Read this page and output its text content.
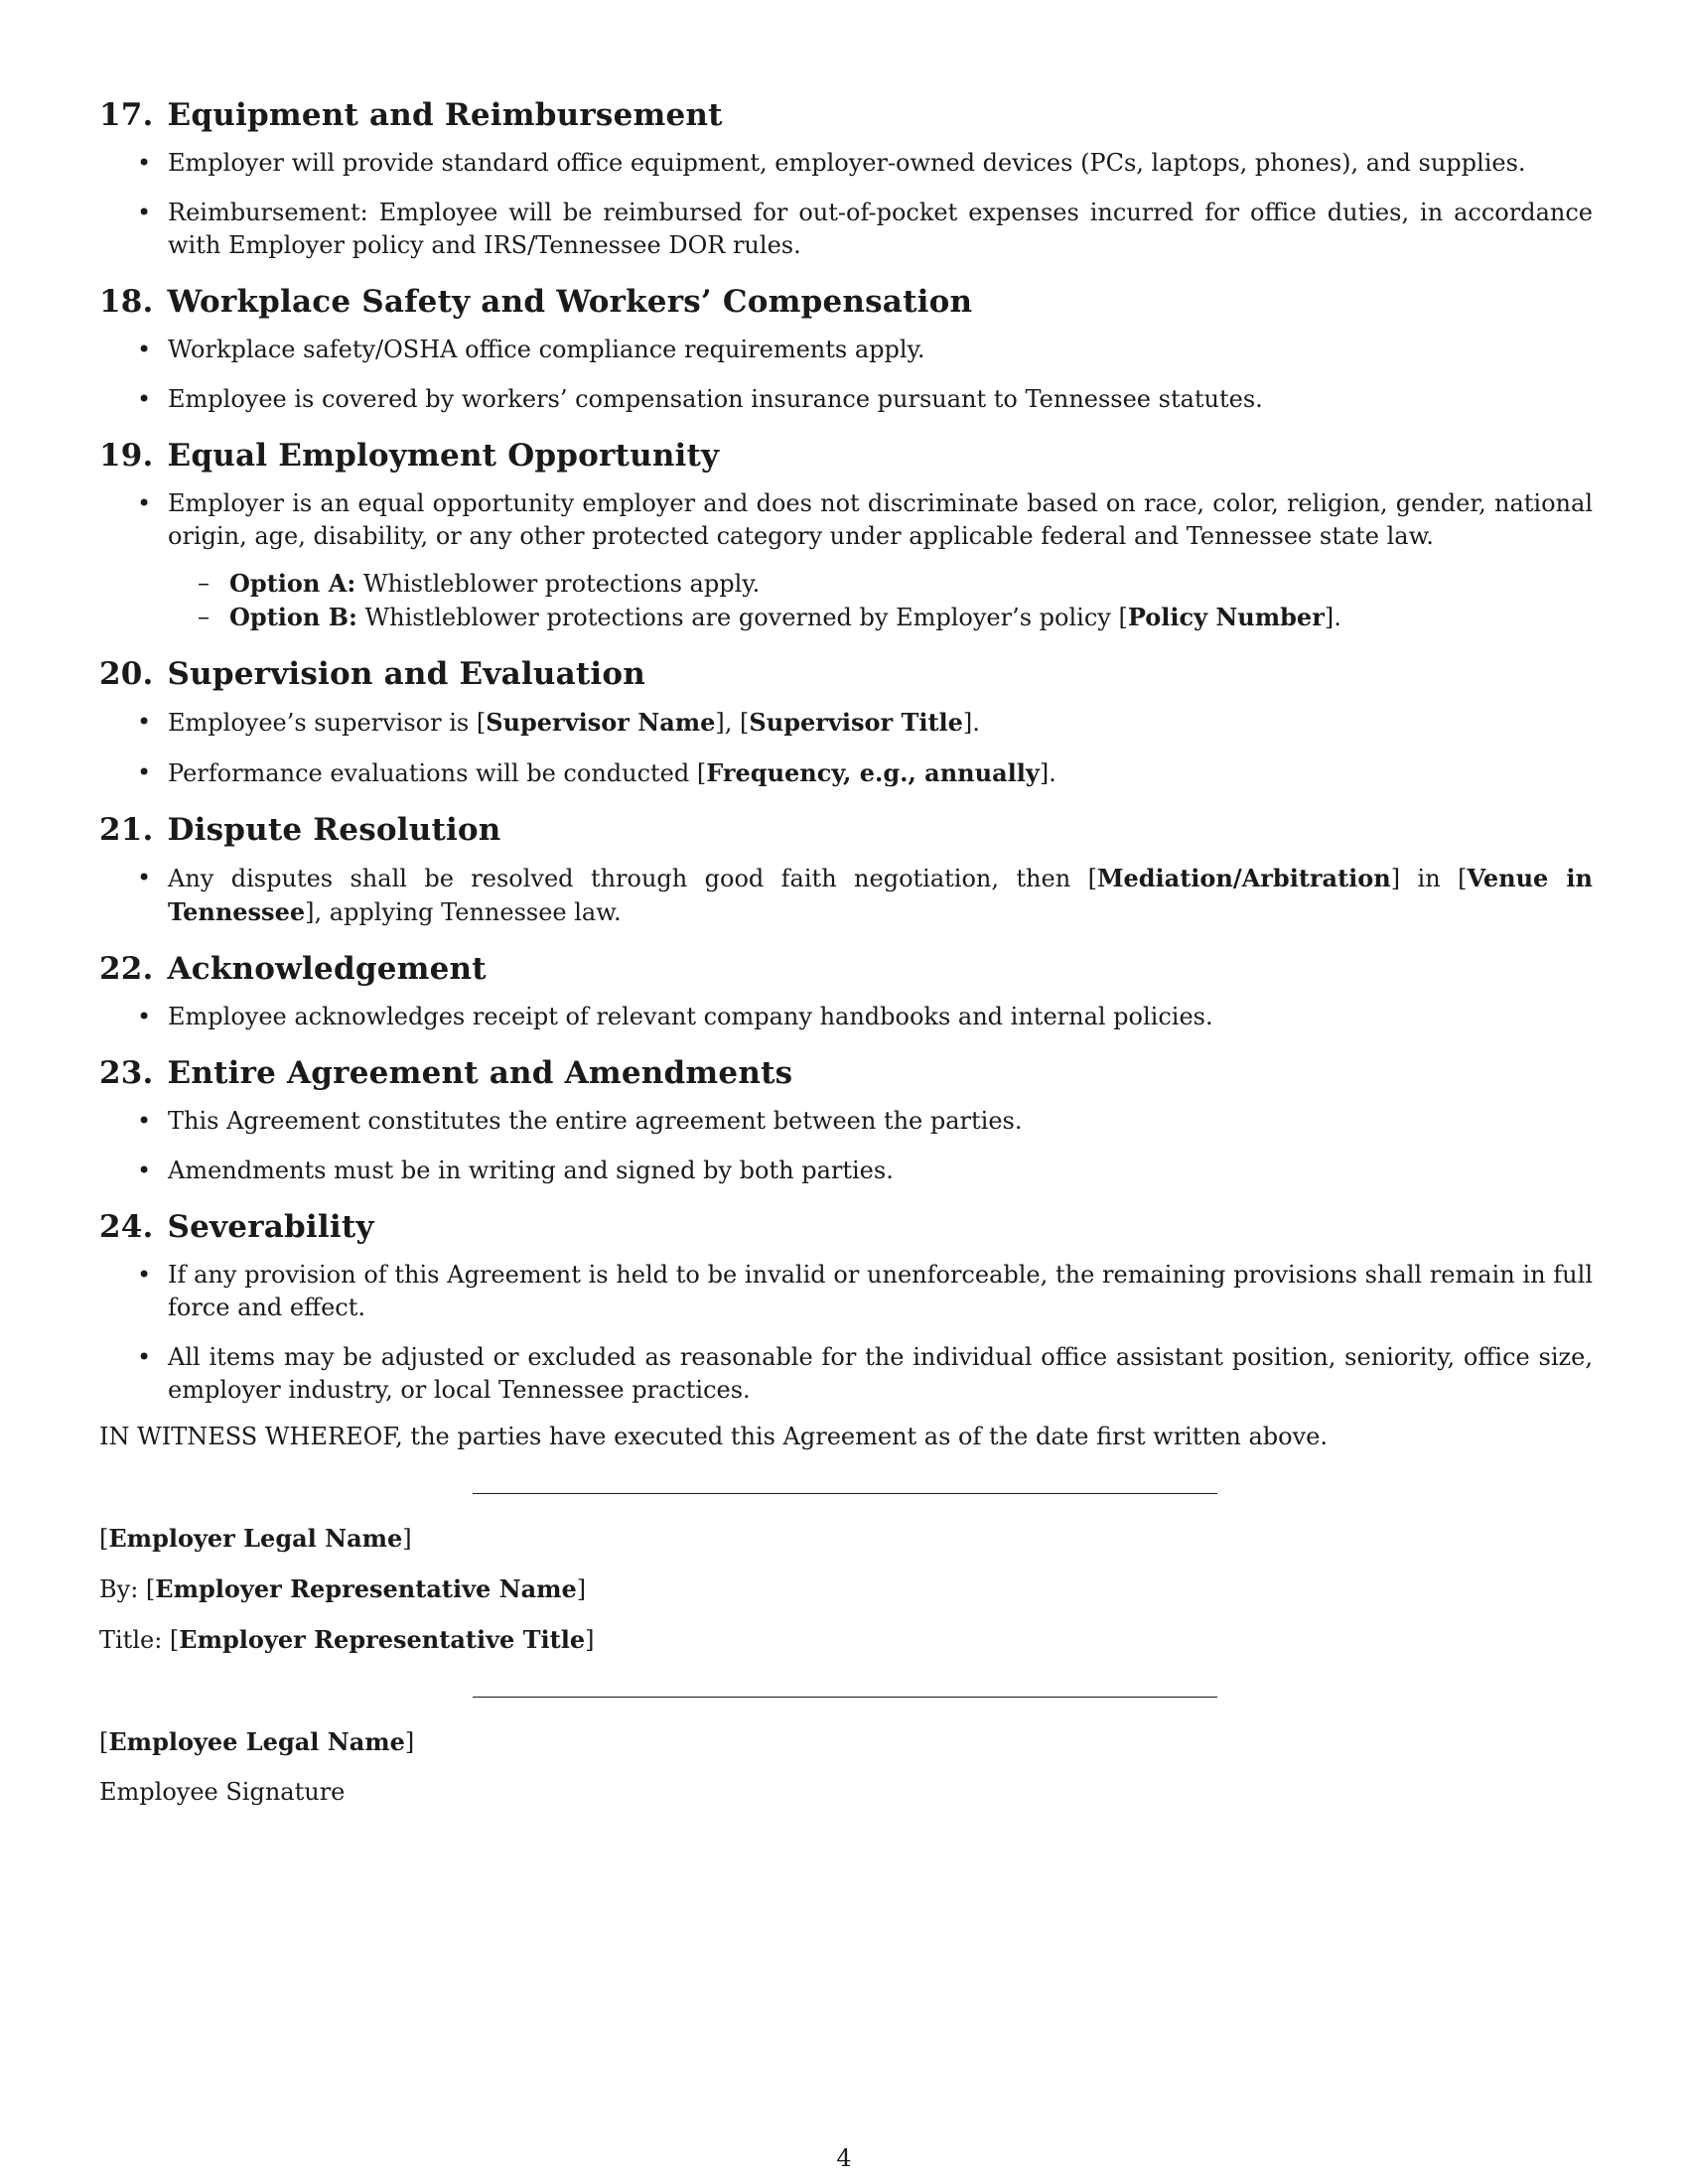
17. Equipment and Reimbursement
• Employer will provide standard office equipment, employer-owned devices (PCs, laptops, phones), and supplies.
• Reimbursement: Employee will be reimbursed for out-of-pocket expenses incurred for office duties, in accordance with Employer policy and IRS/Tennessee DOR rules.
18. Workplace Safety and Workers’ Compensation
• Workplace safety/OSHA office compliance requirements apply.
• Employee is covered by workers’ compensation insurance pursuant to Tennessee statutes.
19. Equal Employment Opportunity
• Employer is an equal opportunity employer and does not discriminate based on race, color, religion, gender, national origin, age, disability, or any other protected category under applicable federal and Tennessee state law.
– Option A: Whistleblower protections apply.
– Option B: Whistleblower protections are governed by Employer’s policy [Policy Number].
20. Supervision and Evaluation
• Employee’s supervisor is [Supervisor Name], [Supervisor Title].
• Performance evaluations will be conducted [Frequency, e.g., annually].
21. Dispute Resolution
• Any disputes shall be resolved through good faith negotiation, then [Mediation/Arbitration] in [Venue in Tennessee], applying Tennessee law.
22. Acknowledgement
• Employee acknowledges receipt of relevant company handbooks and internal policies.
23. Entire Agreement and Amendments
• This Agreement constitutes the entire agreement between the parties.
• Amendments must be in writing and signed by both parties.
24. Severability
• If any provision of this Agreement is held to be invalid or unenforceable, the remaining provisions shall remain in full force and effect.
• All items may be adjusted or excluded as reasonable for the individual office assistant position, seniority, office size, employer industry, or local Tennessee practices.

IN WITNESS WHEREOF, the parties have executed this Agreement as of the date first written above.

[Employer Legal Name]

By: [Employer Representative Name]

Title: [Employer Representative Title]

[Employee Legal Name]

Employee Signature

4
